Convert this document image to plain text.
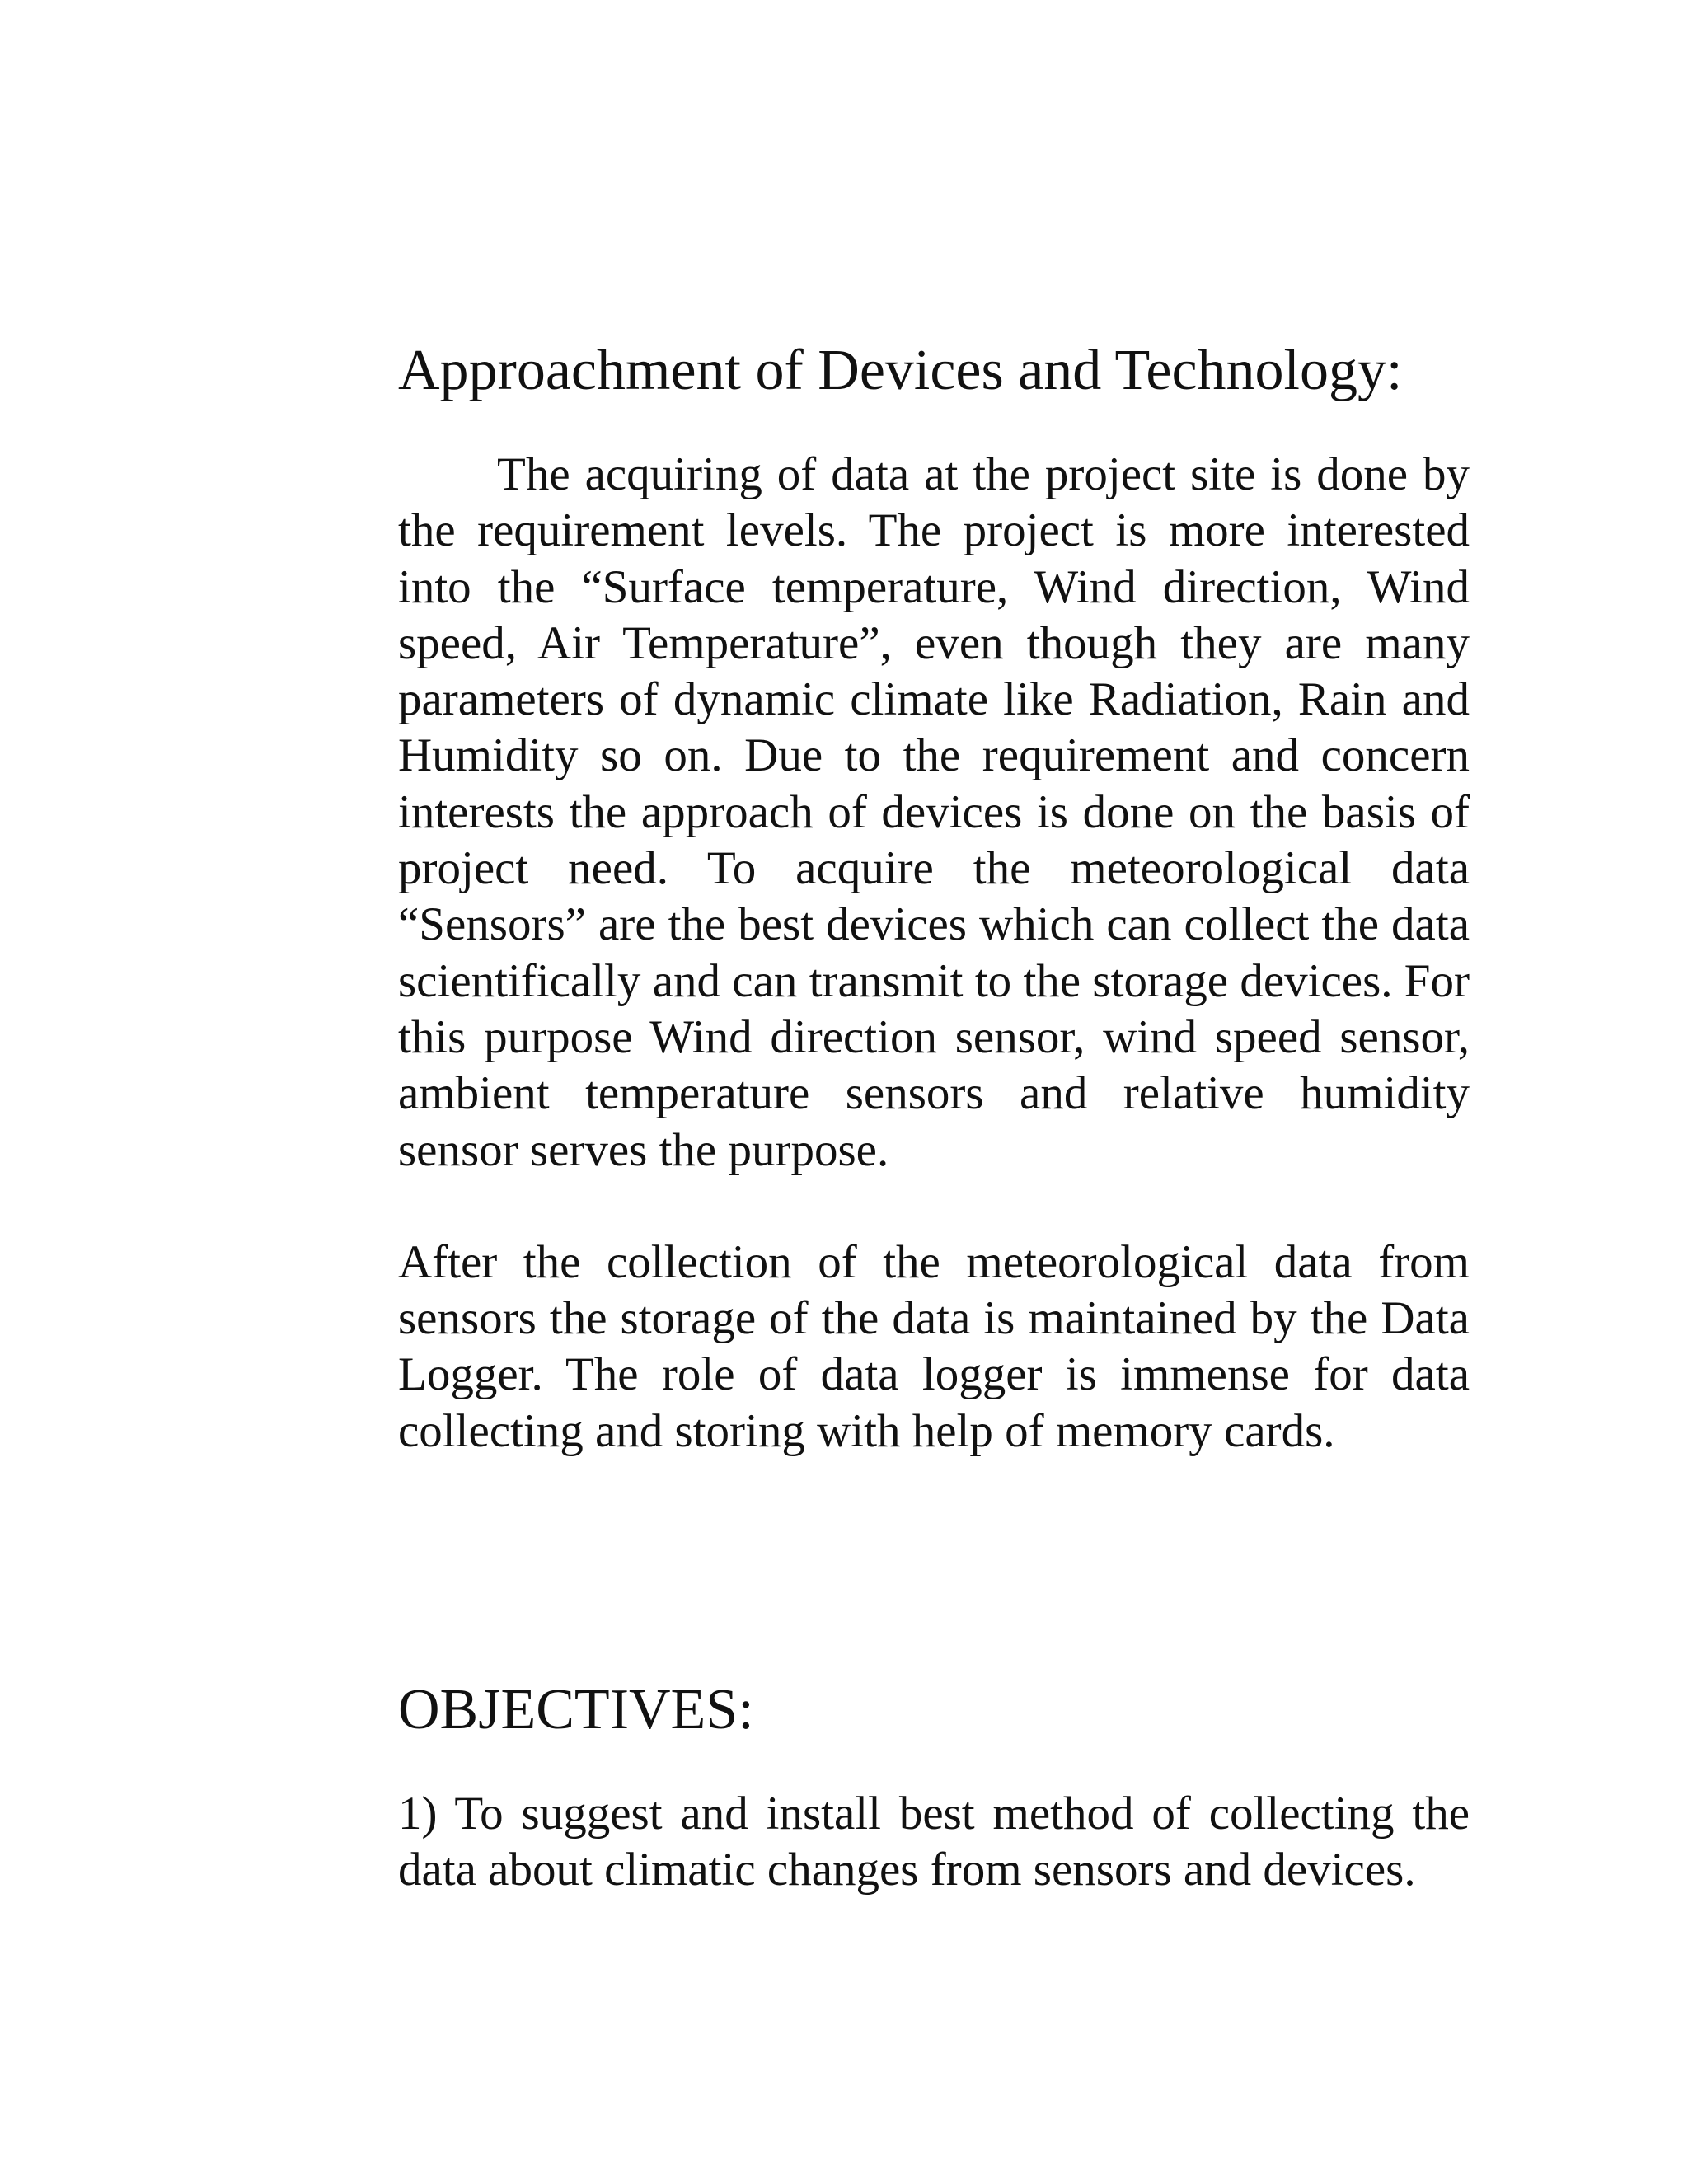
Approachment of Devices and Technology:

The acquiring of data at the project site is done by the requirement levels. The project is more interested into the “Surface temperature, Wind direction, Wind speed, Air Temperature”, even though they are many parameters of dynamic climate like Radiation, Rain and Humidity so on. Due to the requirement and concern interests the approach of devices is done on the basis of project need. To acquire the meteorological data “Sensors” are the best devices which can collect the data scientifically and can transmit to the storage devices. For this purpose Wind direction sensor, wind speed sensor, ambient temperature sensors and relative humidity sensor serves the purpose.

After the collection of the meteorological data from sensors the storage of the data is maintained by the Data Logger. The role of data logger is immense for data collecting and storing with help of memory cards.

OBJECTIVES:

1) To suggest and install best method of collecting the data about climatic changes from sensors and devices.
